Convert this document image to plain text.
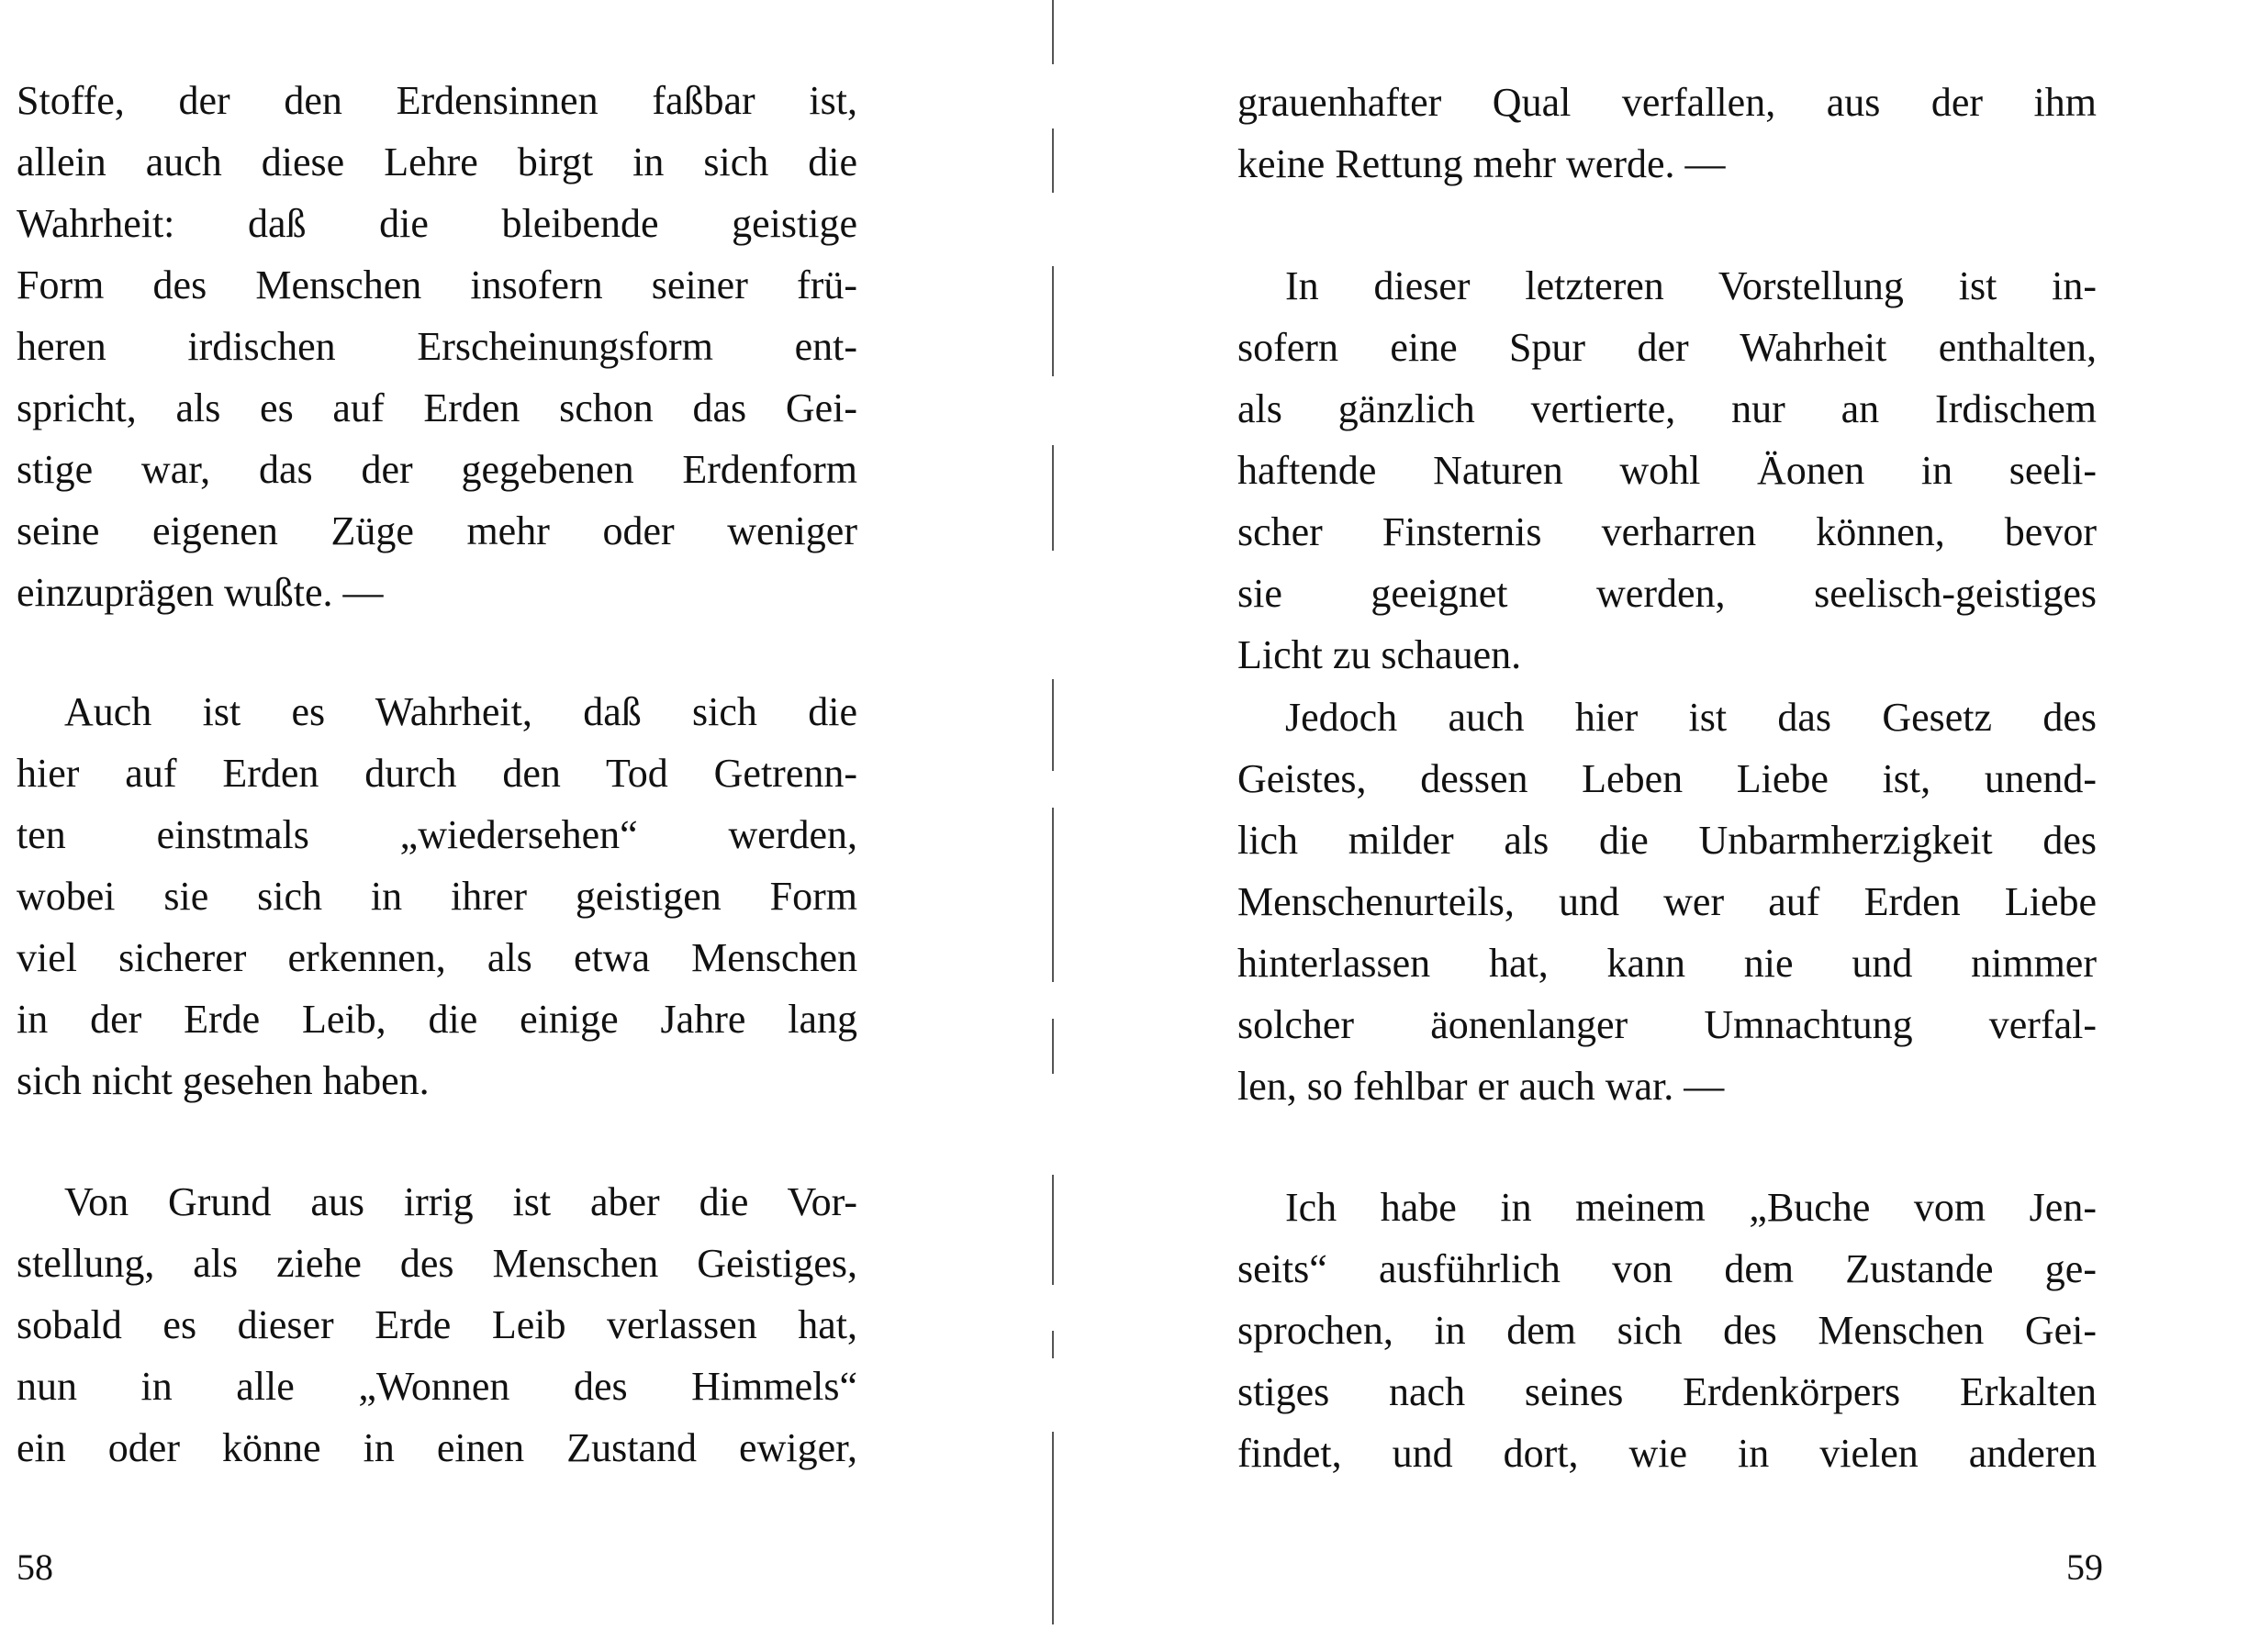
Stoffe, der den Erdensinnen faßbar ist,
allein auch diese Lehre birgt in sich die
Wahrheit: daß die bleibende geistige
Form des Menschen insofern seiner frü-
heren irdischen Erscheinungsform ent-
spricht, als es auf Erden schon das Gei-
stige war, das der gegebenen Erdenform
seine eigenen Züge mehr oder weniger
einzuprägen wußte. —
Auch ist es Wahrheit, daß sich die
hier auf Erden durch den Tod Getrenn-
ten einstmals „wiedersehen“ werden,
wobei sie sich in ihrer geistigen Form
viel sicherer erkennen, als etwa Menschen
in der Erde Leib, die einige Jahre lang
sich nicht gesehen haben.
Von Grund aus irrig ist aber die Vor-
stellung, als ziehe des Menschen Geistiges,
sobald es dieser Erde Leib verlassen hat,
nun in alle „Wonnen des Himmels“
ein oder könne in einen Zustand ewiger,
58
grauenhafter Qual verfallen, aus der ihm
keine Rettung mehr werde. —
In dieser letzteren Vorstellung ist in-
sofern eine Spur der Wahrheit enthalten,
als gänzlich vertierte, nur an Irdischem
haftende Naturen wohl Äonen in seeli-
scher Finsternis verharren können, bevor
sie geeignet werden, seelisch-geistiges
Licht zu schauen.
Jedoch auch hier ist das Gesetz des
Geistes, dessen Leben Liebe ist, unend-
lich milder als die Unbarmherzigkeit des
Menschenurteils, und wer auf Erden Liebe
hinterlassen hat, kann nie und nimmer
solcher äonenlanger Umnachtung verfal-
len, so fehlbar er auch war. —
Ich habe in meinem „Buche vom Jen-
seits“ ausführlich von dem Zustande ge-
sprochen, in dem sich des Menschen Gei-
stiges nach seines Erdenkörpers Erkalten
findet, und dort, wie in vielen anderen
59
